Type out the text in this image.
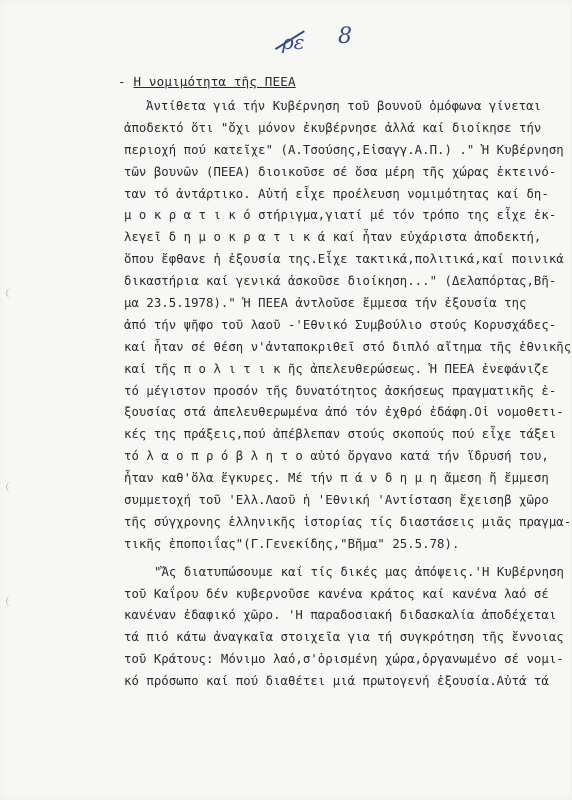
ρε 8
- Η νομιμότητα τῆς ΠΕΕΑ
Ἀντίθετα γιά τήν Κυβέρνηση τοῦ βουνοῦ ὁμόφωνα γίνεται
ἀποδεκτό ὅτι "ὄχι μόνον ἐκυβέρνησε ἀλλά καί διοίκησε τήν
περιοχή πού κατεῖχε" (Α.Τσούσης,Εἰσαγγ.Α.Π.) ." Ἡ Κυβέρνηση
τῶν βουνῶν (ΠΕΕΑ) διοικοῦσε σέ ὅσα μέρη τῆς χώρας ἐκτεινό-
ταν τό ἀντάρτικο. Αὐτή εἶχε προέλευση νομιμότητας καί δη-
μ ο κ ρ α τ ι κ ό στήριγμα,γιατί μέ τόν τρόπο της εἶχε ἐκ-
λεγεῖ δ η μ ο κ ρ α τ ι κ ά καί ἦταν εὐχάριστα ἀποδεκτή,
ὅπου ἔφθανε ἡ ἐξουσία της.Εἶχε τακτικά,πολιτικά,καί ποινικά
δικαστήρια καί γενικά ἀσκοῦσε διοίκηση..." (Δελαπόρτας,Βῆ-
μα 23.5.1978)." Ἡ ΠΕΕΑ ἀντλοῦσε ἔμμεσα τήν ἐξουσία της
ἀπό τήν ψῆφο τοῦ λαοῦ -'Εθνικό Συμβούλιο στούς Κορυσχάδες-
καί ἦταν σέ θέση ν'ἀνταποκριθεῖ στό διπλό αἴτημα τῆς ἐθνικῆς
καί τῆς π ο λ ι τ ι κ ῆς ἀπελευθερώσεως. Ἡ ΠΕΕΑ ἐνεφάνιζε
τό μέγιστον προσόν τῆς δυνατότητος ἀσκήσεως πραγματικῆς ἐ-
ξουσίας στά ἀπελευθερωμένα ἀπό τόν ἐχθρό ἐδάφη.Οἱ νομοθετι-
κές της πράξεις,πού ἀπέβλεπαν στούς σκοπούς πού εἶχε τάξει
τό λ α ο π ρ ό β λ η τ ο αὐτό ὄργανο κατά τήν ἵδρυσή του,
ἦταν καθ'ὅλα ἔγκυρες. Μέ τήν π ά ν δ η μ η ἄμεση ἤ ἔμμεση
συμμετοχή τοῦ 'Ελλ.Λαοῦ ἡ 'Εθνική 'Αντίσταση ἔχεισηβ χῶρο
τῆς σύγχρονης ἑλληνικῆς ἱστορίας τίς διαστάσεις μιᾶς πραγμα-
τικῆς ἐποποιΐας"(Γ.Γενεκίδης,"Βῆμα" 25.5.78).
"Ἄς διατυπώσουμε καί τίς δικές μας ἀπόψεις.'Η Κυβέρνηση
τοῦ Καΐρου δέν κυβερνοῦσε κανένα κράτος καί κανένα λαό σέ
κανέναν ἐδαφικό χῶρο. 'Η παραδοσιακή διδασκαλία ἀποδέχεται
τά πιό κάτω ἀναγκαῖα στοιχεῖα για τή συγκρότηση τῆς ἔννοιας
τοῦ Κράτους: Μόνιμο λαό,σ'ὁρισμένη χώρα,ὀργανωμένο σέ νομι-
κό πρόσωπο καί πού διαθέτει μιά πρωτογενή ἐξουσία.Αὐτά τά
